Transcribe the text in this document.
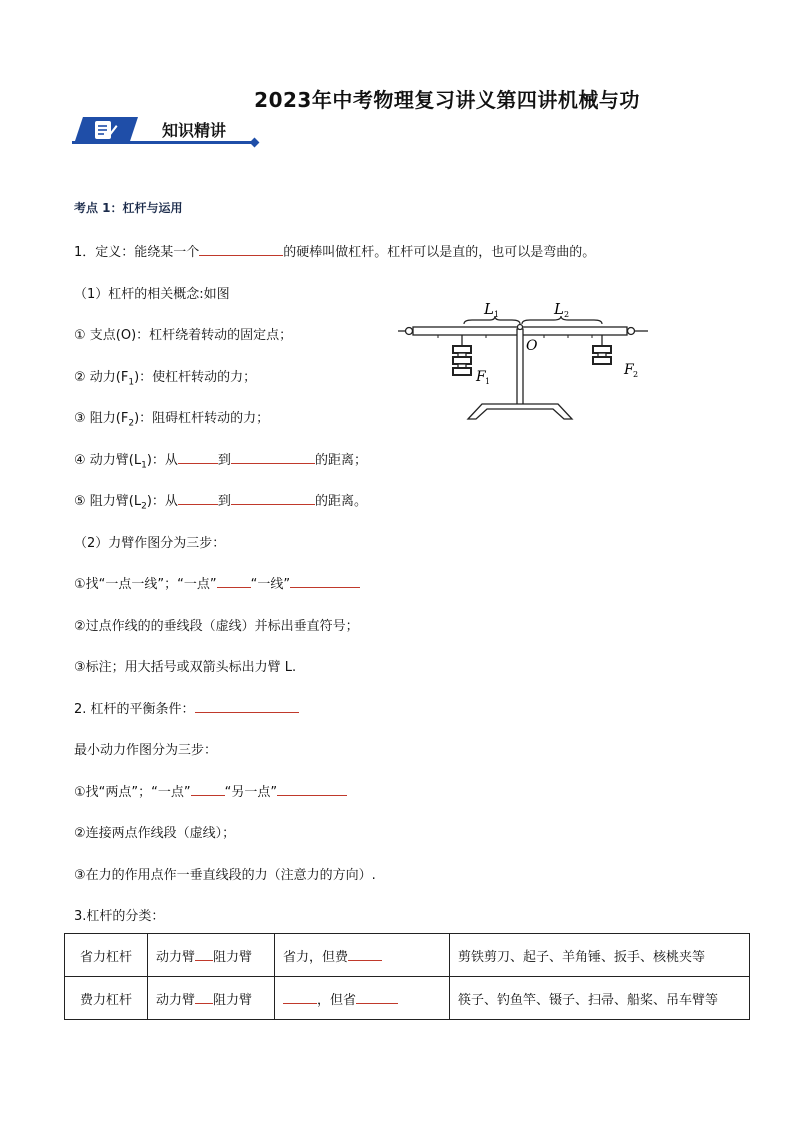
2023年中考物理复习讲义第四讲机械与功
知识精讲
考点 1：杠杆与运用
1．定义：能绕某一个	的硬棒叫做杠杆。杠杆可以是直的，也可以是弯曲的。
（1）杠杆的相关概念:如图
① 支点(O)：杠杆绕着转动的固定点；
② 动力$(F_1)$：使杠杆转动的力；
③ 阻力$(F_2)$：阻碍杠杆转动的力；
④ 动力臂$(L_1)$：从	到	的距离；
⑤ 阻力臂$(L_2)$：从	到	的距离。
L 1	L 2
O
F 1
F 2
（2）力臂作图分为三步：
①找“一点一线”；“一点”	“一线”
②过点作线的的垂线段（虚线）并标出垂直符号；
③标注；用大括号或双箭头标出力臂 L.
2. 杠杆的平衡条件：
最小动力作图分为三步：
①找“两点”；“一点”	“另一点”
②连接两点作线段（虚线）；
③在力的作用点作一垂直线段的力（注意力的方向）.
3.杠杆的分类：
省力杠杆	动力臂 阻力臂	省力，但费	剪铁剪刀、起子、羊角锤、扳手、核桃夹等
费力杠杆	动力臂 阻力臂	，但省	筷子、钓鱼竿、镊子、扫帚、船桨、吊车臂等
